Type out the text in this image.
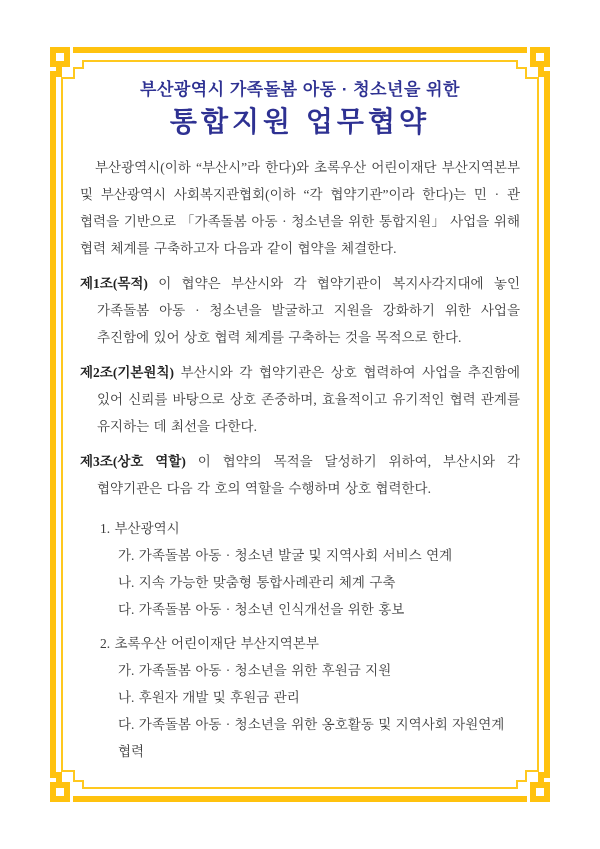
부산광역시 가족돌봄 아동 · 청소년을 위한
통합지원 업무협약

부산광역시(이하 “부산시”라 한다)와 초록우산 어린이재단 부산지역본부 및 부산광역시 사회복지관협회(이하 “각 협약기관”이라 한다)는 민 · 관 협력을 기반으로 「가족돌봄 아동 · 청소년을 위한 통합지원」 사업을 위해 협력 체계를 구축하고자 다음과 같이 협약을 체결한다.

제1조(목적) 이 협약은 부산시와 각 협약기관이 복지사각지대에 놓인 가족돌봄 아동 · 청소년을 발굴하고 지원을 강화하기 위한 사업을 추진함에 있어 상호 협력 체계를 구축하는 것을 목적으로 한다.

제2조(기본원칙) 부산시와 각 협약기관은 상호 협력하여 사업을 추진함에 있어 신뢰를 바탕으로 상호 존중하며, 효율적이고 유기적인 협력 관계를 유지하는 데 최선을 다한다.

제3조(상호 역할) 이 협약의 목적을 달성하기 위하여, 부산시와 각 협약기관은 다음 각 호의 역할을 수행하며 상호 협력한다.

1. 부산광역시
가. 가족돌봄 아동 · 청소년 발굴 및 지역사회 서비스 연계
나. 지속 가능한 맞춤형 통합사례관리 체계 구축
다. 가족돌봄 아동 · 청소년 인식개선을 위한 홍보
2. 초록우산 어린이재단 부산지역본부
가. 가족돌봄 아동 · 청소년을 위한 후원금 지원
나. 후원자 개발 및 후원금 관리
다. 가족돌봄 아동 · 청소년을 위한 옹호활동 및 지역사회 자원연계 협력
